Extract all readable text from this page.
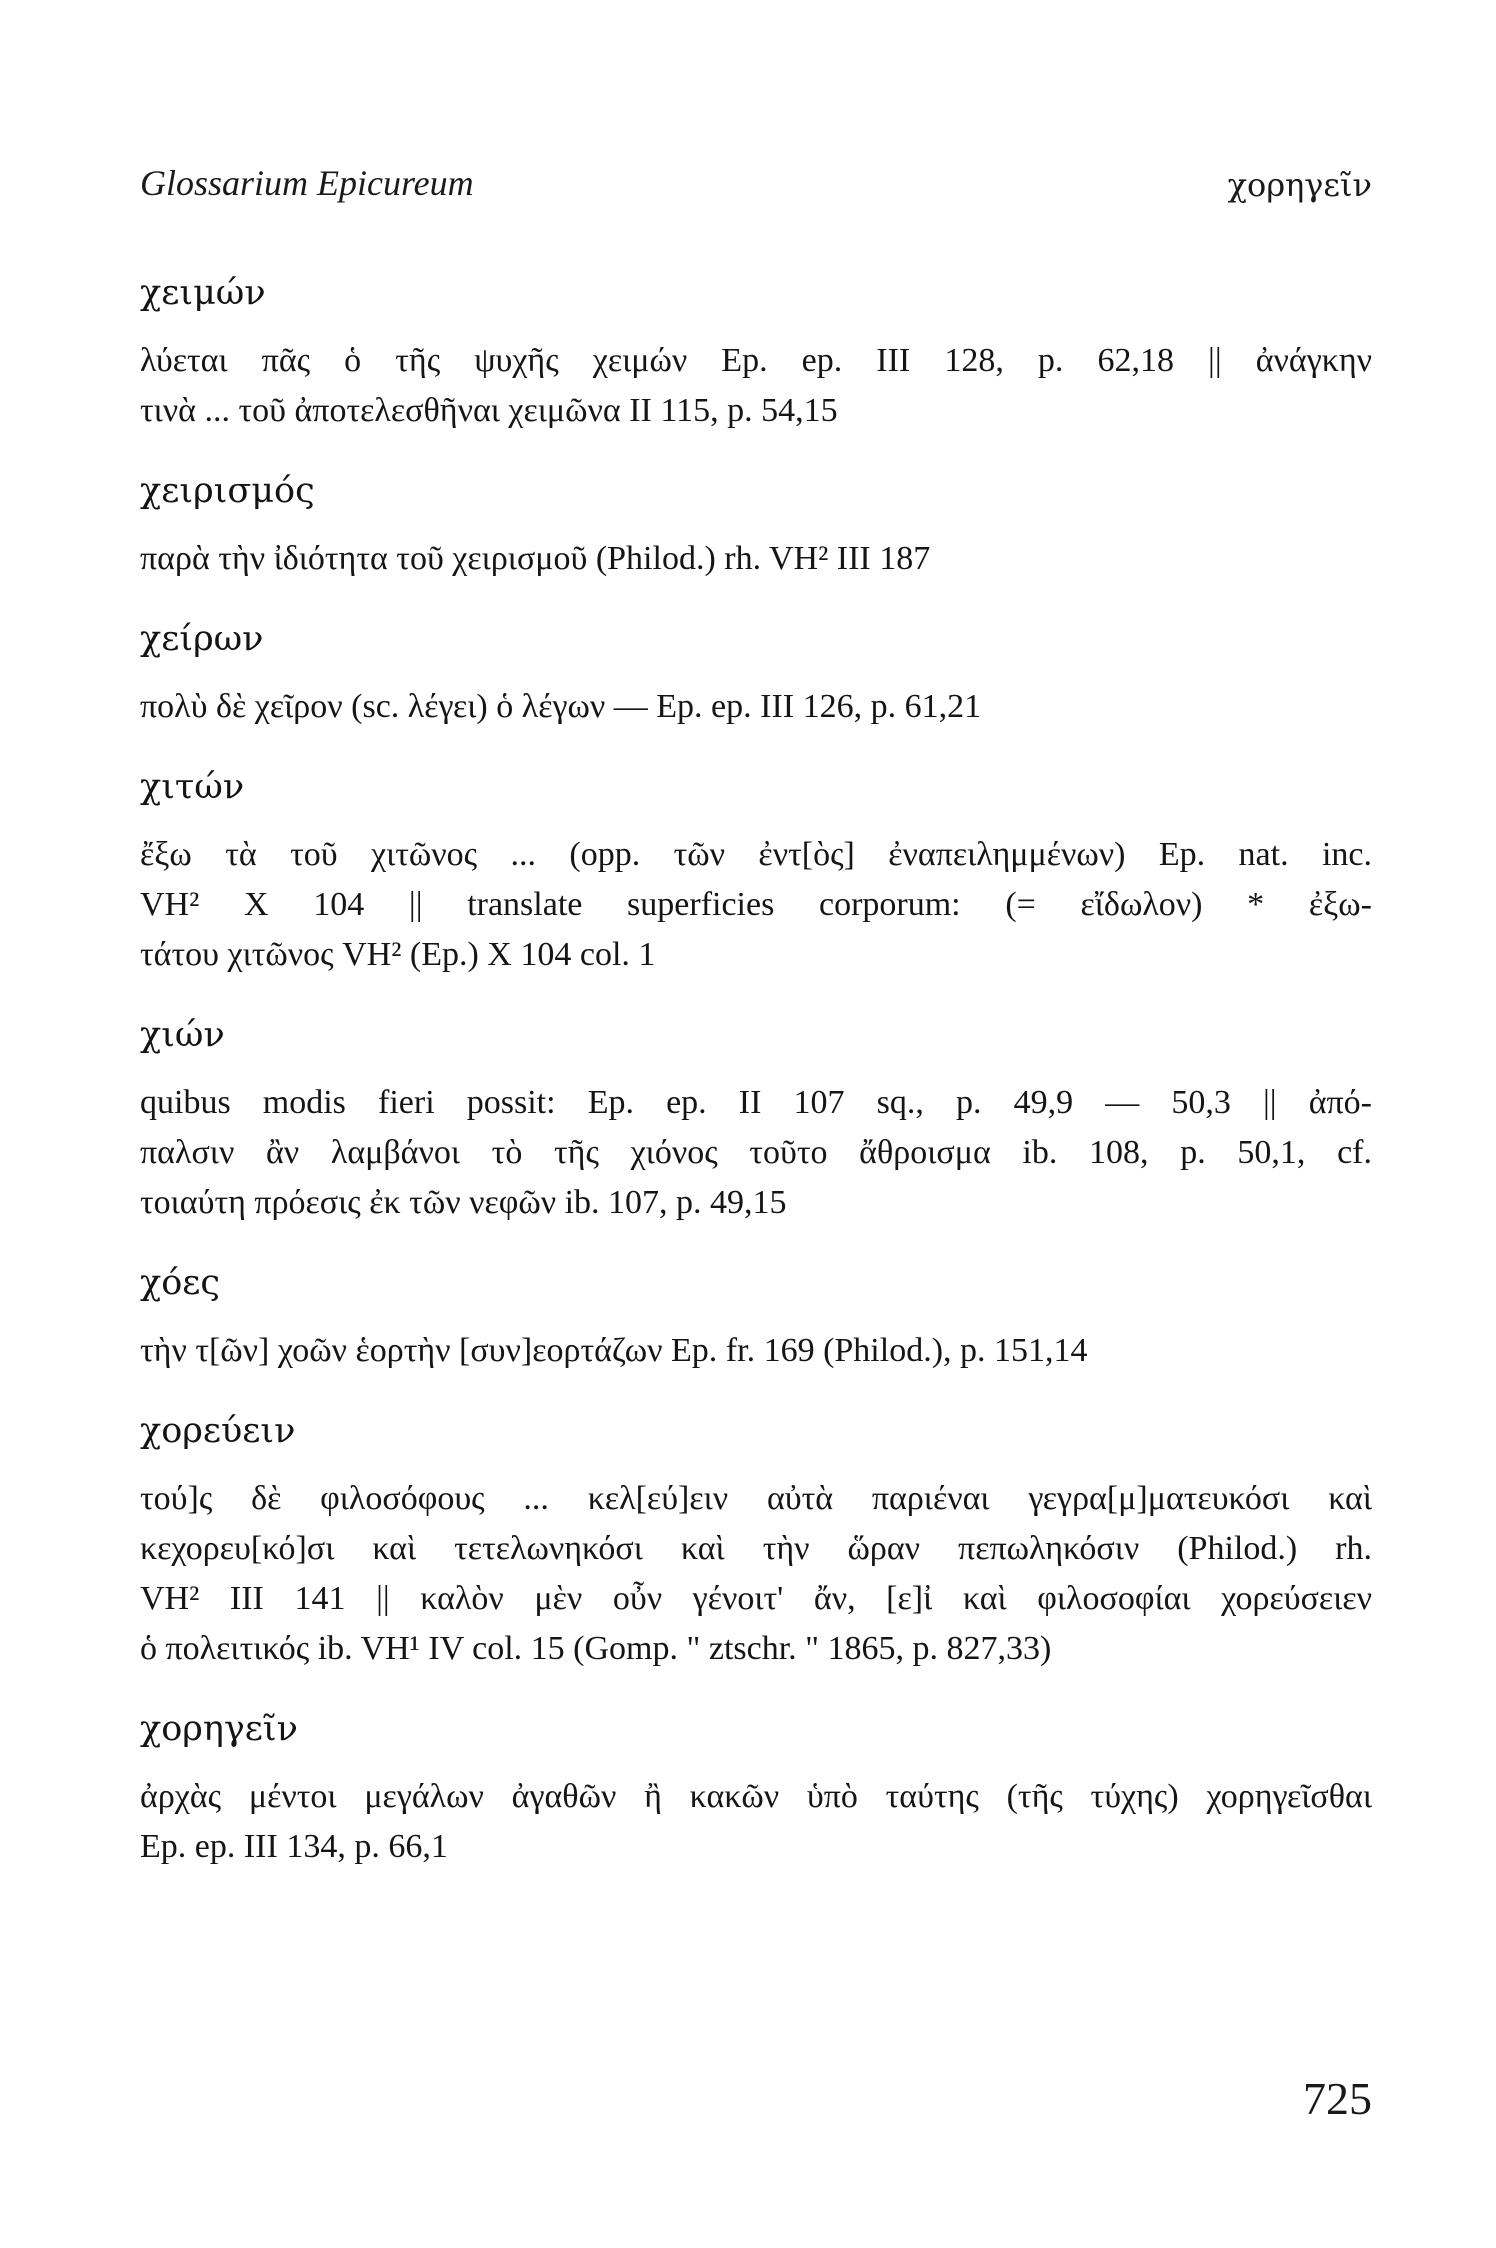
Glossarium Epicureum	χορηγεῖν
χειμών
λύεται πᾶς ὁ τῆς ψυχῆς χειμών Ep. ep. III 128, p. 62,18 || ἀνάγκην
τινὰ ... τοῦ ἀποτελεσθῆναι χειμῶνα II 115, p. 54,15
χειρισμός
παρὰ τὴν ἰδιότητα τοῦ χειρισμοῦ (Philod.) rh. VH² III 187
χείρων
πολὺ δὲ χεῖρον (sc. λέγει) ὁ λέγων — Ep. ep. III 126, p. 61,21
χιτών
ἔξω τὰ τοῦ χιτῶνος ... (opp. τῶν ἐντ[ὸς] ἐναπειλημμένων) Ep. nat. inc.
VH² X 104 || translate superficies corporum: (= εἴδωλον) * ἐξω-
τάτου χιτῶνος VH² (Ep.) X 104 col. 1
χιών
quibus modis fieri possit: Ep. ep. II 107 sq., p. 49,9 — 50,3 || ἀπό-
παλσιν ἂν λαμβάνοι τὸ τῆς χιόνος τοῦτο ἄθροισμα ib. 108, p. 50,1, cf.
τοιαύτη πρόεσις ἐκ τῶν νεφῶν ib. 107, p. 49,15
χόες
τὴν τ[ῶν] χοῶν ἑορτὴν [συν]εορτάζων Ep. fr. 169 (Philod.), p. 151,14
χορεύειν
τού]ς δὲ φιλοσόφους ... κελ[εύ]ειν αὐτὰ παριέναι γεγρα[μ]ματευκόσι καὶ
κεχορευ[κό]σι καὶ τετελωνηκόσι καὶ τὴν ὥραν πεπωληκόσιν (Philod.) rh.
VH² III 141 || καλὸν μὲν οὖν γένοιτ' ἄν, [ε]ἰ καὶ φιλοσοφίαι χορεύσειεν
ὁ πολειτικός ib. VH¹ IV col. 15 (Gomp. " ztschr. " 1865, p. 827,33)
χορηγεῖν
ἀρχὰς μέντοι μεγάλων ἀγαθῶν ἢ κακῶν ὑπὸ ταύτης (τῆς τύχης) χορηγεῖσθαι
Ep. ep. III 134, p. 66,1
725
